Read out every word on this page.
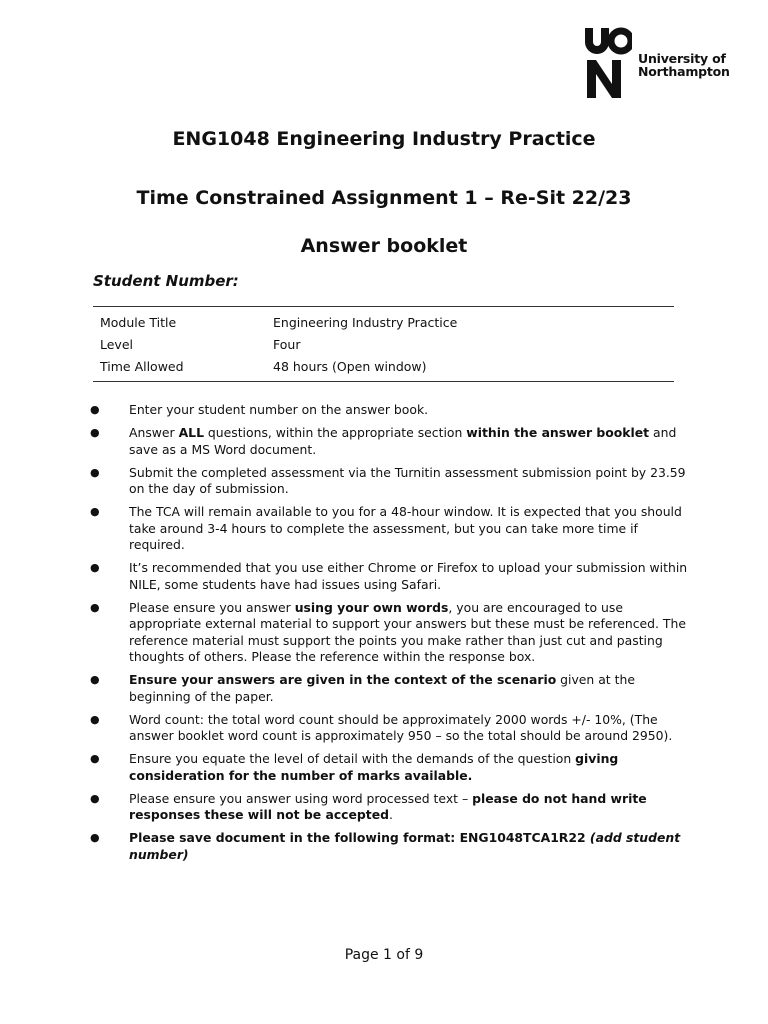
University of
Northampton
ENG1048 Engineering Industry Practice
Time Constrained Assignment 1 – Re-Sit 22/23
Answer booklet

Student Number:

Module Title	Engineering Industry Practice
Level	Four
Time Allowed	48 hours (Open window)
● Enter your student number on the answer book.
● Answer ALL questions, within the appropriate section within the answer booklet and save as a MS Word document.
● Submit the completed assessment via the Turnitin assessment submission point by 23.59 on the day of submission.
● The TCA will remain available to you for a 48-hour window. It is expected that you should take around 3-4 hours to complete the assessment, but you can take more time if required.
● It’s recommended that you use either Chrome or Firefox to upload your submission within NILE, some students have had issues using Safari.
● Please ensure you answer using your own words, you are encouraged to use appropriate external material to support your answers but these must be referenced. The reference material must support the points you make rather than just cut and pasting thoughts of others. Please the reference within the response box.
● Ensure your answers are given in the context of the scenario given at the beginning of the paper.
● Word count: the total word count should be approximately 2000 words +/- 10%, (The answer booklet word count is approximately 950 – so the total should be around 2950).
● Ensure you equate the level of detail with the demands of the question giving consideration for the number of marks available.
● Please ensure you answer using word processed text – please do not hand write responses these will not be accepted.
● Please save document in the following format: ENG1048TCA1R22 (add student number)

Page 1 of 9
